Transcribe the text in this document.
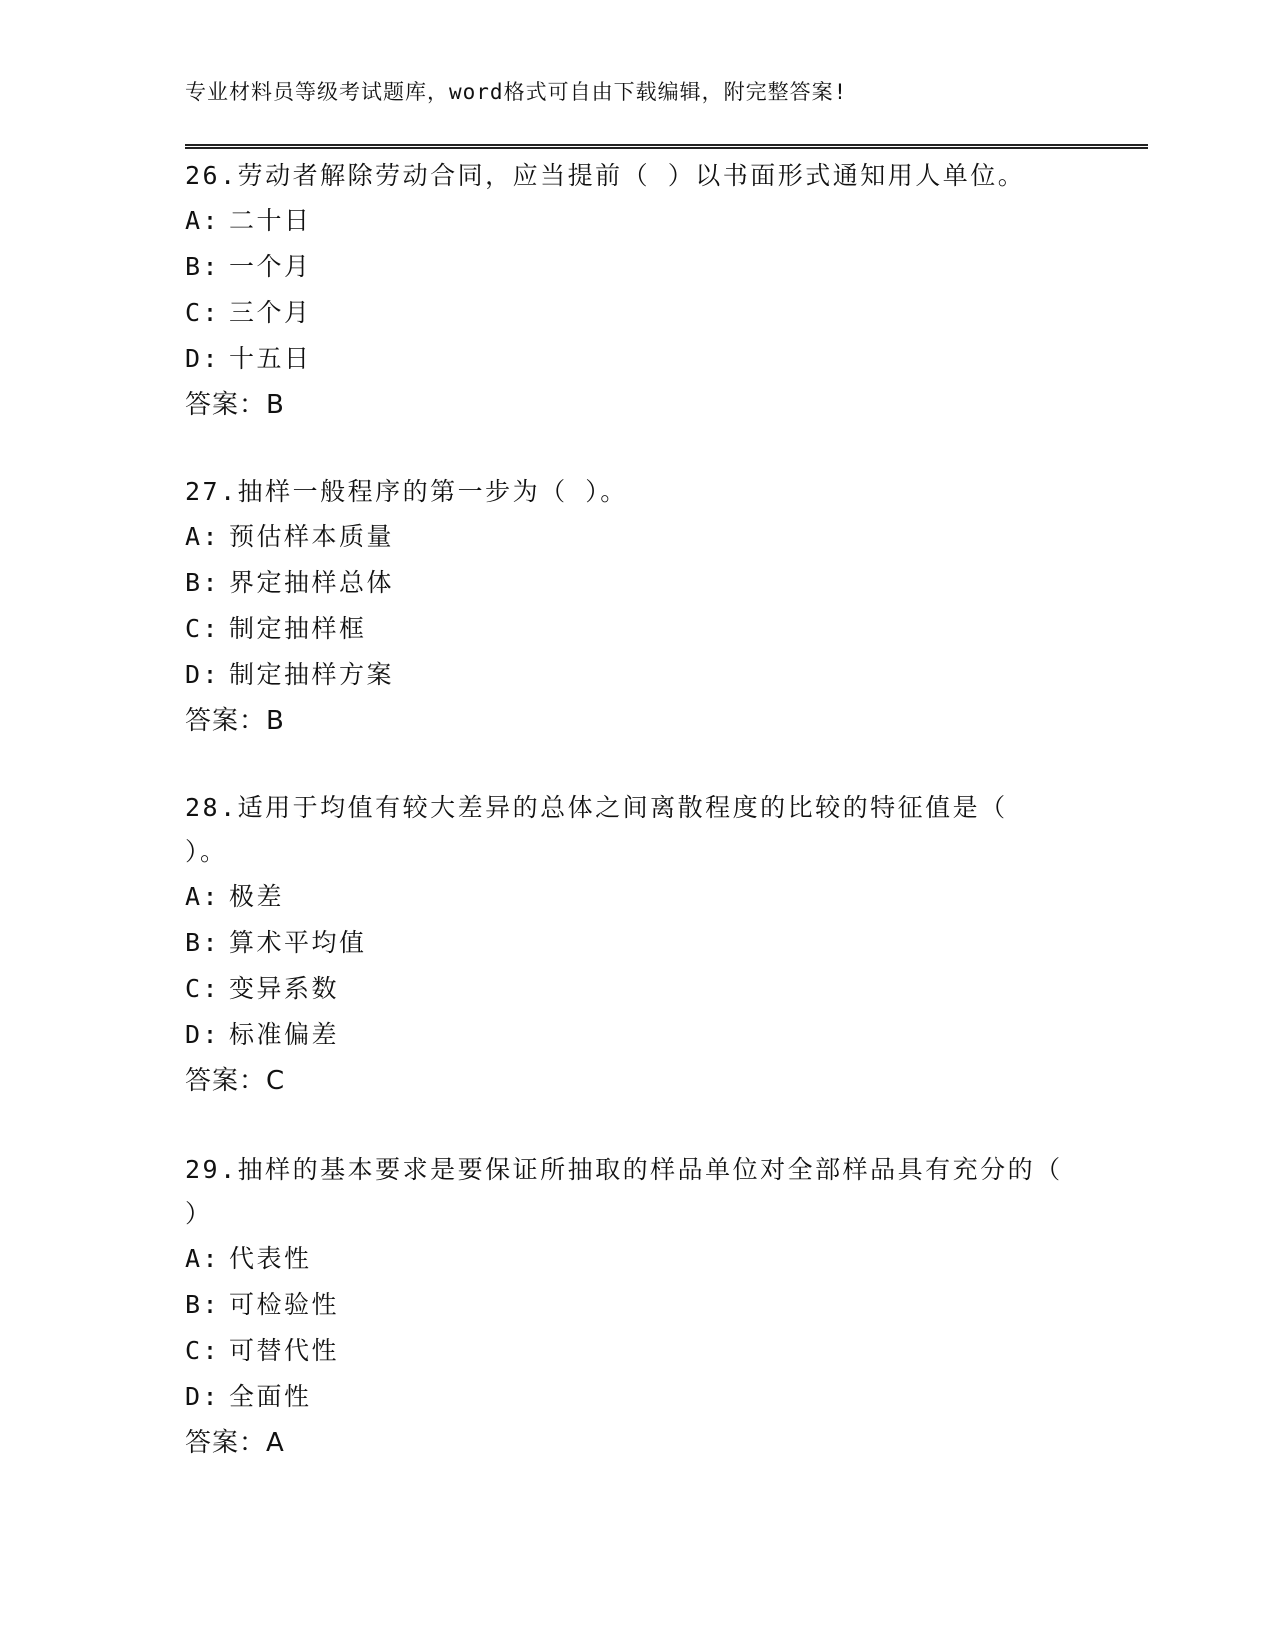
专业材料员等级考试题库，word格式可自由下载编辑，附完整答案!

26.劳动者解除劳动合同，应当提前（ ）以书面形式通知用人单位。

A: 二十日

B: 一个月

C: 三个月

D: 十五日

答案：B

27.抽样一般程序的第一步为（ ）。

A: 预估样本质量

B: 界定抽样总体

C: 制定抽样框

D: 制定抽样方案

答案：B

28.适用于均值有较大差异的总体之间离散程度的比较的特征值是（ ）。

A: 极差

B: 算术平均值

C: 变异系数

D: 标准偏差

答案：C

29.抽样的基本要求是要保证所抽取的样品单位对全部样品具有充分的（ ）

A: 代表性

B: 可检验性

C: 可替代性

D: 全面性

答案：A
